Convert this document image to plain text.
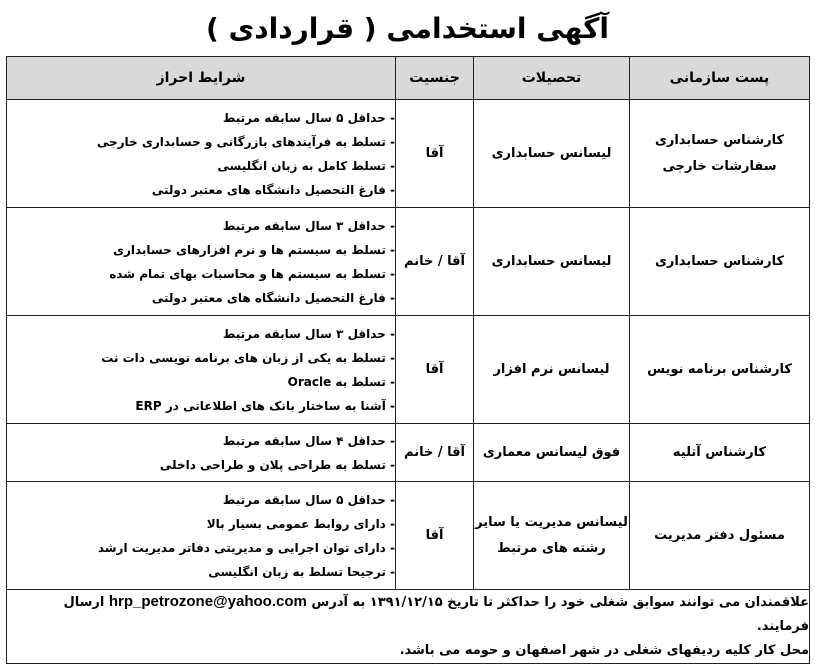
آگهی استخدامی ( قراردادی )
پست سازمانی	تحصیلات	جنسیت	شرایط احراز
کارشناس حسابداری سفارشات خارجی	لیسانس حسابداری	آقا	- حداقل ۵ سال سابقه مرتبط
- تسلط به فرآیندهای بازرگانی و حسابداری خارجی
- تسلط کامل به زبان انگلیسی
- فارغ التحصیل دانشگاه های معتبر دولتی

کارشناس حسابداری	لیسانس حسابداری	آقا / خانم	- حداقل ۳ سال سابقه مرتبط
- تسلط به سیستم ها و نرم افزارهای حسابداری
- تسلط به سیستم ها و محاسبات بهای تمام شده
- فارغ التحصیل دانشگاه های معتبر دولتی

کارشناس برنامه نویس	لیسانس نرم افزار	آقا	- حداقل ۳ سال سابقه مرتبط
- تسلط به یکی از زبان های برنامه نویسی دات نت
- تسلط به Oracle
- آشنا به ساختار بانک های اطلاعاتی در ERP

کارشناس آتلیه	فوق لیسانس معماری	آقا / خانم	- حداقل ۴ سال سابقه مرتبط
- تسلط به طراحی پلان و طراحی داخلی

مسئول دفتر مدیریت	لیسانس مدیریت یا سایر رشته های مرتبط	آقا	- حداقل ۵ سال سابقه مرتبط
- دارای روابط عمومی بسیار بالا
- دارای توان اجرایی و مدیریتی دفاتر مدیریت ارشد
- ترجیحا تسلط به زبان انگلیسی

علاقمندان می توانند سوابق شغلی خود را حداکثر تا تاریخ ۱۳۹۱/۱۲/۱۵ به آدرس hrp_petrozone@yahoo.com ارسال فرمایند.
محل کار کلیه ردیفهای شغلی در شهر اصفهان و حومه می باشد.			
